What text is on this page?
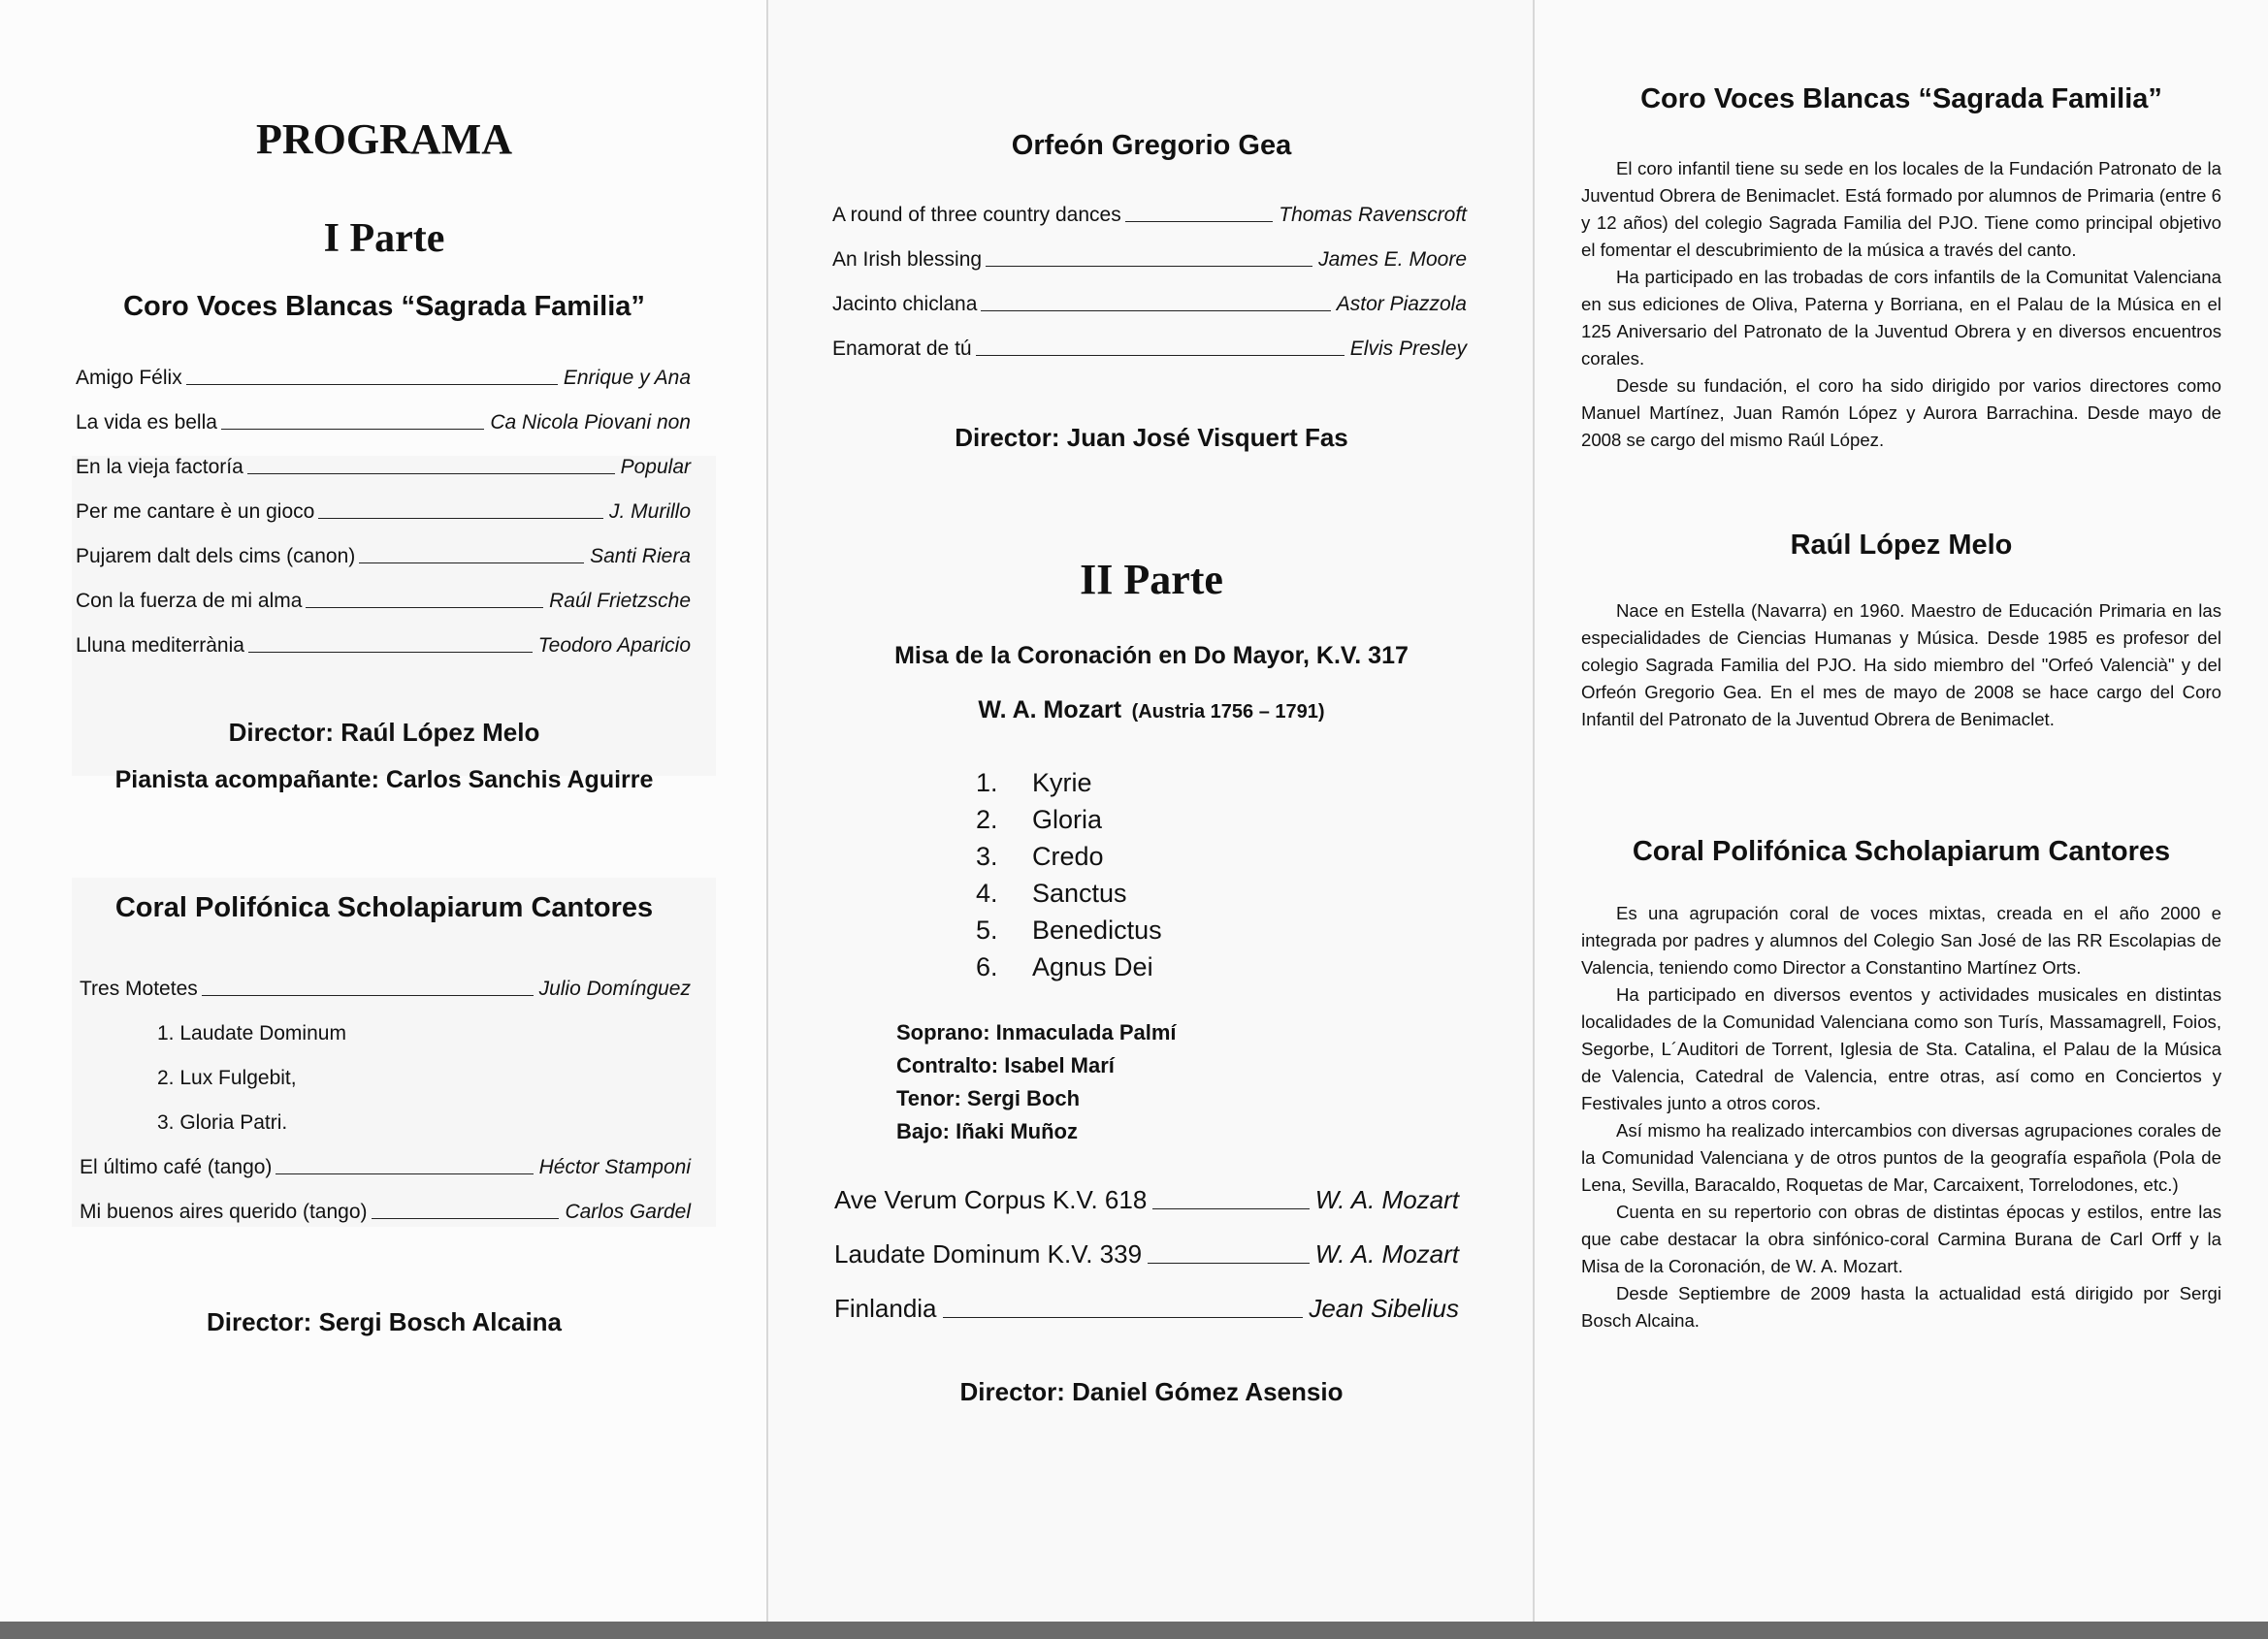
PROGRAMA
I Parte
Coro Voces Blancas “Sagrada Familia”
Amigo Félix	Enrique y Ana
La vida es bella	Ca Nicola Piovani non
En la vieja factoría	Popular
Per me cantare è un gioco	J. Murillo
Pujarem dalt dels cims (canon)	Santi Riera
Con la fuerza de mi alma	Raúl Frietzsche
Lluna mediterrània	Teodoro Aparicio
Director: Raúl López Melo
Pianista acompañante: Carlos Sanchis Aguirre
Coral Polifónica Scholapiarum Cantores
Tres Motetes	Julio Domínguez
1. Laudate Dominum
2. Lux Fulgebit,
3. Gloria Patri.
El último café (tango)	Héctor Stamponi
Mi buenos aires querido (tango)	Carlos Gardel
Director: Sergi Bosch Alcaina
Orfeón Gregorio Gea
A round of three country dances	Thomas Ravenscroft
An Irish blessing	James E. Moore
Jacinto chiclana	Astor Piazzola
Enamorat de tú	Elvis Presley
Director: Juan José Visquert Fas
II Parte
Misa de la Coronación en Do Mayor, K.V. 317
W. A. Mozart (Austria 1756 – 1791)
1. Kyrie
2. Gloria
3. Credo
4. Sanctus
5. Benedictus
6. Agnus Dei
Soprano: Inmaculada Palmí
Contralto: Isabel Marí
Tenor: Sergi Boch
Bajo: Iñaki Muñoz
Ave Verum Corpus K.V. 618	W. A. Mozart
Laudate Dominum K.V. 339	W. A. Mozart
Finlandia	Jean Sibelius
Director: Daniel Gómez Asensio
Coro Voces Blancas “Sagrada Familia”

El coro infantil tiene su sede en los locales de la Fundación Patronato de la Juventud Obrera de Benimaclet. Está formado por alumnos de Primaria (entre 6 y 12 años) del colegio Sagrada Familia del PJO. Tiene como principal objetivo el fomentar el descubrimiento de la música a través del canto.

Ha participado en las trobadas de cors infantils de la Comunitat Valenciana en sus ediciones de Oliva, Paterna y Borriana, en el Palau de la Música en el 125 Aniversario del Patronato de la Juventud Obrera y en diversos encuentros corales.

Desde su fundación, el coro ha sido dirigido por varios directores como Manuel Martínez, Juan Ramón López y Aurora Barrachina. Desde mayo de 2008 se cargo del mismo Raúl López.

Raúl López Melo

Nace en Estella (Navarra) en 1960. Maestro de Educación Primaria en las especialidades de Ciencias Humanas y Música. Desde 1985 es profesor del colegio Sagrada Familia del PJO. Ha sido miembro del "Orfeó Valencià" y del Orfeón Gregorio Gea. En el mes de mayo de 2008 se hace cargo del Coro Infantil del Patronato de la Juventud Obrera de Benimaclet.

Coral Polifónica Scholapiarum Cantores

Es una agrupación coral de voces mixtas, creada en el año 2000 e integrada por padres y alumnos del Colegio San José de las RR Escolapias de Valencia, teniendo como Director a Constantino Martínez Orts.

Ha participado en diversos eventos y actividades musicales en distintas localidades de la Comunidad Valenciana como son Turís, Massamagrell, Foios, Segorbe, L´Auditori de Torrent, Iglesia de Sta. Catalina, el Palau de la Música de Valencia, Catedral de Valencia, entre otras, así como en Conciertos y Festivales junto a otros coros.

Así mismo ha realizado intercambios con diversas agrupaciones corales de la Comunidad Valenciana y de otros puntos de la geografía española (Pola de Lena, Sevilla, Baracaldo, Roquetas de Mar, Carcaixent, Torrelodones, etc.)

Cuenta en su repertorio con obras de distintas épocas y estilos, entre las que cabe destacar la obra sinfónico-coral Carmina Burana de Carl Orff y la Misa de la Coronación, de W. A. Mozart.

Desde Septiembre de 2009 hasta la actualidad está dirigido por Sergi Bosch Alcaina.
